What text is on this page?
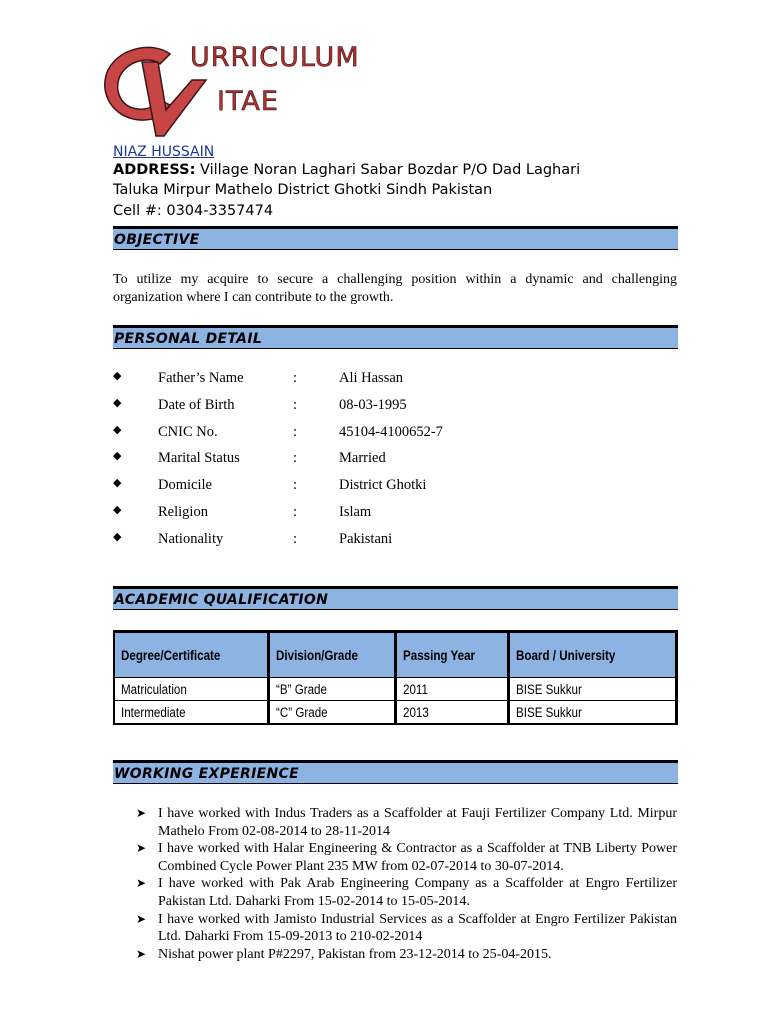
URRICULUM
ITAE
NIAZ HUSSAIN
ADDRESS: Village Noran Laghari Sabar Bozdar P/O Dad Laghari
Taluka Mirpur Mathelo District Ghotki Sindh Pakistan
Cell #: 0304-3357474
OBJECTIVE
To utilize my acquire to secure a challenging position within a dynamic and challenging organization where I can contribute to the growth.
PERSONAL DETAIL
◆	Father’s Name	:	Ali Hassan
◆	Date of Birth	:	08-03-1995
◆	CNIC No.	:	45104-4100652-7
◆	Marital Status	:	Married
◆	Domicile	:	District Ghotki
◆	Religion	:	Islam
◆	Nationality	:	Pakistani
ACADEMIC QUALIFICATION
Degree/Certificate	Division/Grade	Passing Year	Board / University
Matriculation	“B” Grade	2011	BISE Sukkur
Intermediate	“C” Grade	2013	BISE Sukkur
WORKING EXPERIENCE
➤ I have worked with Indus Traders as a Scaffolder at Fauji Fertilizer Company Ltd. Mirpur Mathelo From 02-08-2014 to 28-11-2014
➤ I have worked with Halar Engineering & Contractor as a Scaffolder at TNB Liberty Power Combined Cycle Power Plant 235 MW from 02-07-2014 to 30-07-2014.
➤ I have worked with Pak Arab Engineering Company as a Scaffolder at Engro Fertilizer Pakistan Ltd. Daharki From 15-02-2014 to 15-05-2014.
➤ I have worked with Jamisto Industrial Services as a Scaffolder at Engro Fertilizer Pakistan Ltd. Daharki From 15-09-2013 to 210-02-2014
➤ Nishat power plant P#2297, Pakistan from 23-12-2014 to 25-04-2015.
